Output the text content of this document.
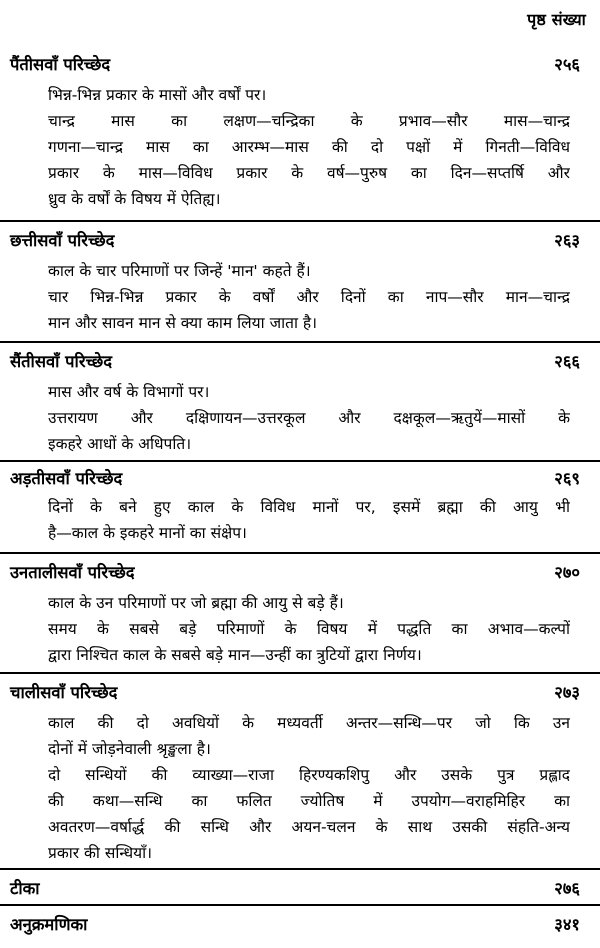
पृष्ठ संख्या
पैंतीसवाँ परिच्छेद	२५६
भिन्न-भिन्न प्रकार के मासों और वर्षों पर।
चान्द्र मास का लक्षण—चन्द्रिका के प्रभाव—सौर मास—चान्द्र
गणना—चान्द्र मास का आरम्भ—मास की दो पक्षों में गिनती—विविध
प्रकार के मास—विविध प्रकार के वर्ष—पुरुष का दिन—सप्तर्षि और
ध्रुव के वर्षों के विषय में ऐतिह्य।
छत्तीसवाँ परिच्छेद	२६३
काल के चार परिमाणों पर जिन्हें 'मान' कहते हैं।
चार भिन्न-भिन्न प्रकार के वर्षों और दिनों का नाप—सौर मान—चान्द्र
मान और सावन मान से क्या काम लिया जाता है।
सैंतीसवाँ परिच्छेद	२६६
मास और वर्ष के विभागों पर।
उत्तरायण और दक्षिणायन—उत्तरकूल और दक्षकूल—ऋतुयें—मासों के
इकहरे आधों के अधिपति।
अड़तीसवाँ परिच्छेद	२६९
दिनों के बने हुए काल के विविध मानों पर, इसमें ब्रह्मा की आयु भी
है—काल के इकहरे मानों का संक्षेप।
उनतालीसवाँ परिच्छेद	२७०
काल के उन परिमाणों पर जो ब्रह्मा की आयु से बड़े हैं।
समय के सबसे बड़े परिमाणों के विषय में पद्धति का अभाव—कल्पों
द्वारा निश्चित काल के सबसे बड़े मान—उन्हीं का त्रुटियों द्वारा निर्णय।
चालीसवाँ परिच्छेद	२७३
काल की दो अवधियों के मध्यवर्ती अन्तर—सन्धि—पर जो कि उन
दोनों में जोड़नेवाली श्रृङ्खला है।
दो सन्धियों की व्याख्या—राजा हिरण्यकशिपु और उसके पुत्र प्रह्लाद
की कथा—सन्धि का फलित ज्योतिष में उपयोग—वराहमिहिर का
अवतरण—वर्षार्द्ध की सन्धि और अयन-चलन के साथ उसकी संहति-अन्य
प्रकार की सन्धियाँ।
टीका	२७६
अनुक्रमणिका	३४१
